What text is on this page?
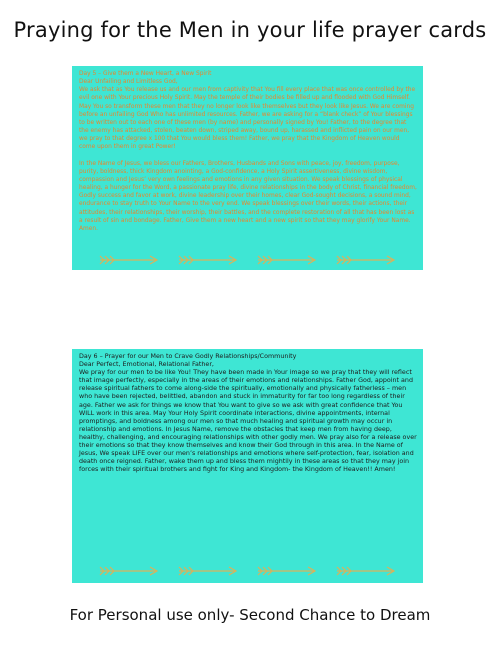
Praying for the Men in your life prayer cards

Day 5 – Give them a New Heart, a New Spirit

Dear Unfailing and Limitless God,

We ask that as You release us and our men from captivity that You fill every place that was once controlled by the evil one with Your precious Holy Spirit. May the temple of their bodies be filled up and flooded with God Himself. May You so transform these men that they no longer look like themselves but they look like Jesus. We are coming before an unfailing God Who has unlimited resources. Father, we are asking for a “blank check” of Your blessings to be written out to each one of these men (by name) and personally signed by You! Father, to the degree that the enemy has attacked, stolen, beaten down, striped away, bound up, harassed and inflicted pain on our men, we pray to that degree x 100 that You would bless them! Father, we pray that the Kingdom of Heaven would come upon them in great Power!

In the Name of Jesus, we bless our Fathers, Brothers, Husbands and Sons with peace, joy, freedom, purpose, purity, boldness, thick Kingdom anointing, a God-confidence, a Holy Spirit assertiveness, divine wisdom, compassion and Jesus’ very own feelings and emotions in any given situation. We speak blessings of physical healing, a hunger for the Word, a passionate pray life, divine relationships in the body of Christ, financial freedom, Godly success and favor at work, divine leadership over their homes, clear God-sought decisions, a sound mind, endurance to stay truth to Your Name to the very end. We speak blessings over their words, their actions, their attitudes, their relationships, their worship, their battles, and the complete restoration of all that has been lost as a result of sin and bondage. Father, Give them a new heart and a new spirit so that they may glorify Your Name. Amen.

Day 6 – Prayer for our Men to Crave Godly Relationships/Community

Dear Perfect, Emotional, Relational Father,

We pray for our men to be like You! They have been made in Your image so we pray that they will reflect that image perfectly, especially in the areas of their emotions and relationships. Father God, appoint and release spiritual fathers to come along-side the spiritually, emotionally and physically fatherless – men who have been rejected, belittled, abandon and stuck in immaturity for far too long regardless of their age. Father we ask for things we know that You want to give so we ask with great confidence that You WILL work in this area. May Your Holy Spirit coordinate interactions, divine appointments, internal promptings, and boldness among our men so that much healing and spiritual growth may occur in relationship and emotions. In Jesus Name, remove the obstacles that keep men from having deep, healthy, challenging, and encouraging relationships with other godly men. We pray also for a release over their emotions so that they know themselves and know their God through in this area. In the Name of Jesus, We speak LIFE over our men’s relationships and emotions where self-protection, fear, isolation and death once reigned. Father, wake them up and bless them mightily in these areas so that they may join forces with their spiritual brothers and fight for King and Kingdom- the Kingdom of Heaven!! Amen!

For Personal use only- Second Chance to Dream
